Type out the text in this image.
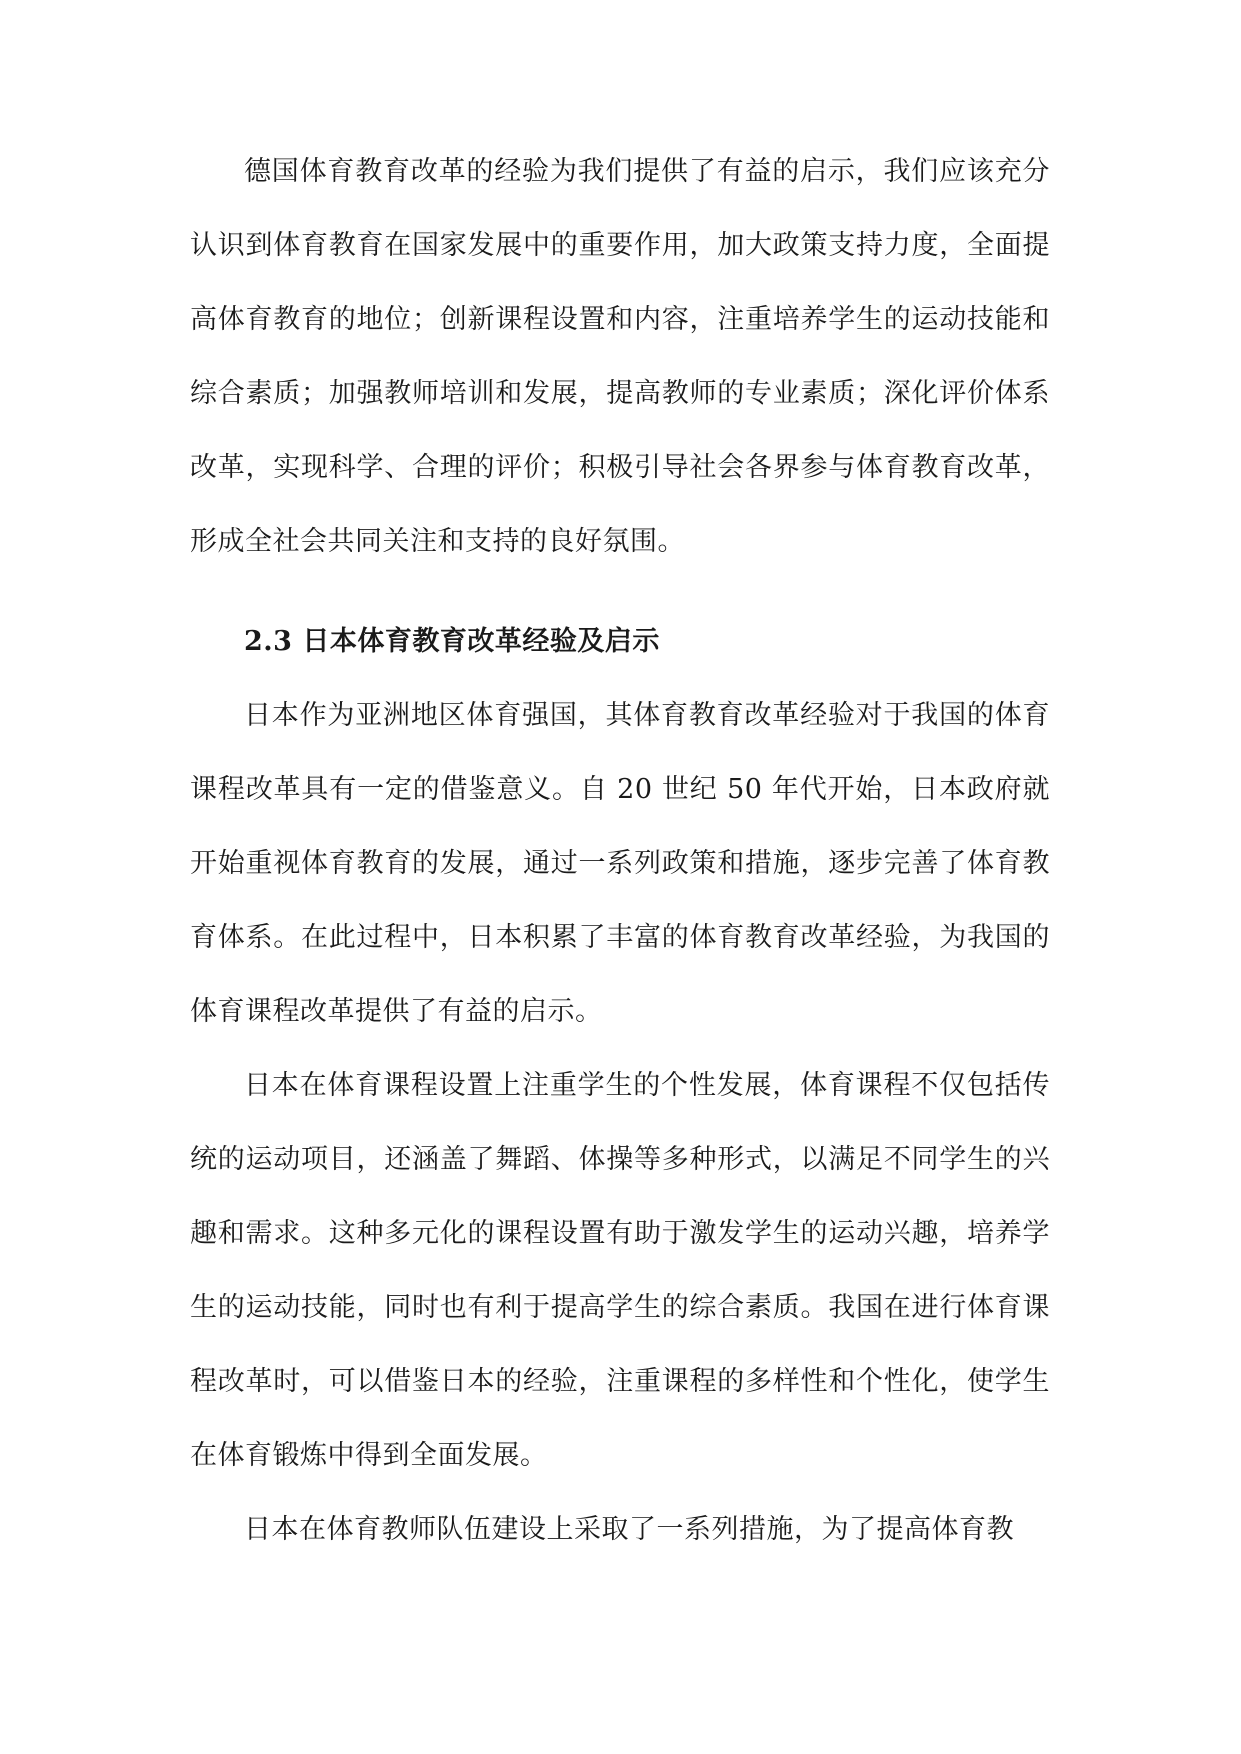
德国体育教育改革的经验为我们提供了有益的启示，我们应该充分认识到体育教育在国家发展中的重要作用，加大政策支持力度，全面提高体育教育的地位；创新课程设置和内容，注重培养学生的运动技能和综合素质；加强教师培训和发展，提高教师的专业素质；深化评价体系改革，实现科学、合理的评价；积极引导社会各界参与体育教育改革，形成全社会共同关注和支持的良好氛围。

2.3 日本体育教育改革经验及启示

日本作为亚洲地区体育强国，其体育教育改革经验对于我国的体育课程改革具有一定的借鉴意义。自 20 世纪 50 年代开始，日本政府就开始重视体育教育的发展，通过一系列政策和措施，逐步完善了体育教育体系。在此过程中，日本积累了丰富的体育教育改革经验，为我国的体育课程改革提供了有益的启示。

日本在体育课程设置上注重学生的个性发展，体育课程不仅包括传统的运动项目，还涵盖了舞蹈、体操等多种形式，以满足不同学生的兴趣和需求。这种多元化的课程设置有助于激发学生的运动兴趣，培养学生的运动技能，同时也有利于提高学生的综合素质。我国在进行体育课程改革时，可以借鉴日本的经验，注重课程的多样性和个性化，使学生在体育锻炼中得到全面发展。

日本在体育教师队伍建设上采取了一系列措施，为了提高体育教
